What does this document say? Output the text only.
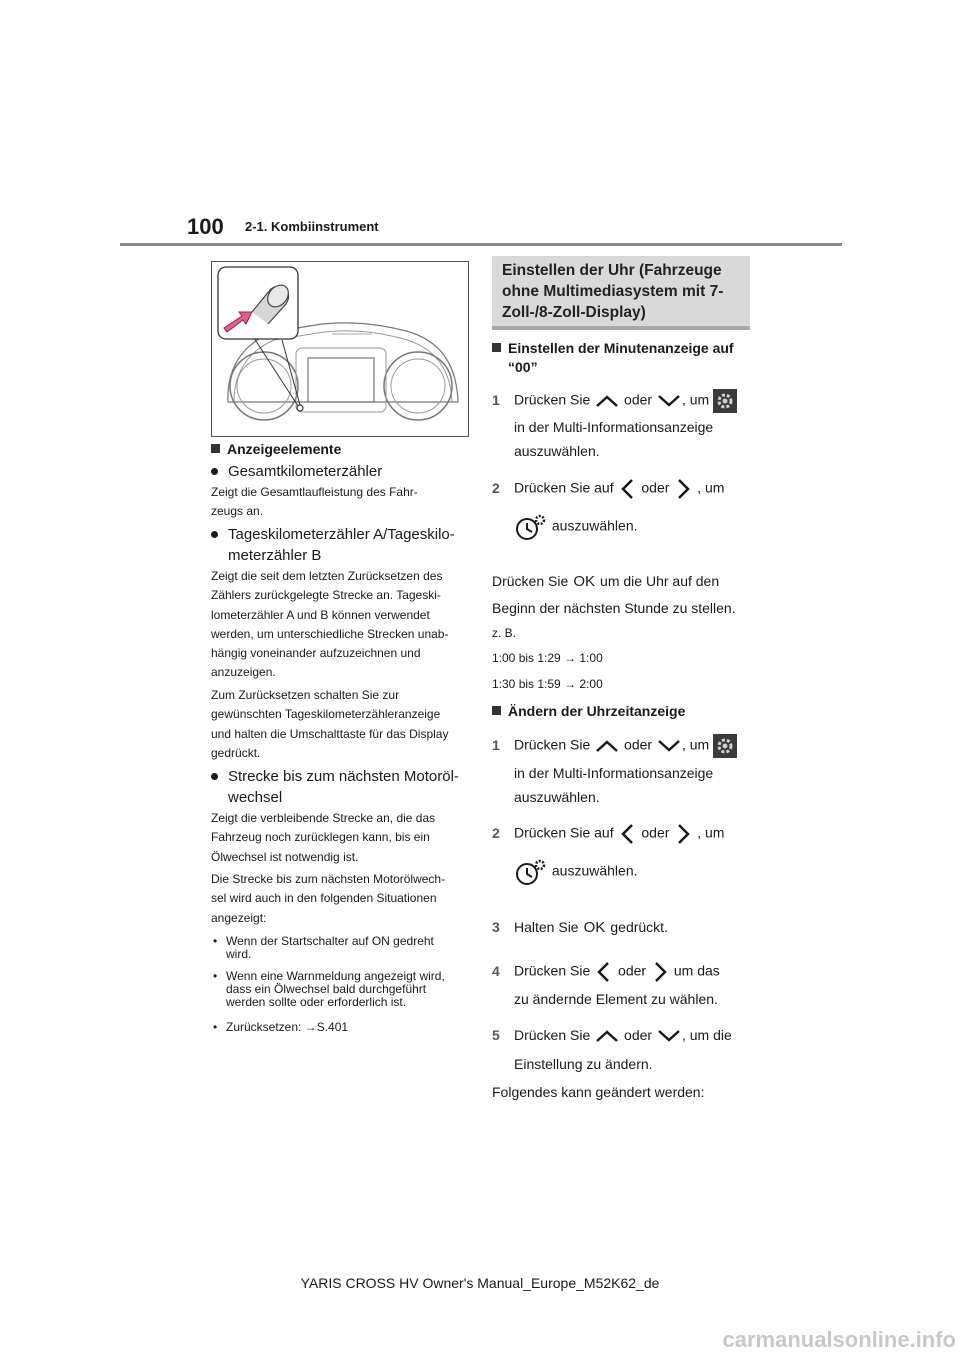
100 2-1. Kombiinstrument
Anzeigeelemente
Gesamtkilometerzähler
Zeigt die Gesamtlaufleistung des Fahr-
zeugs an.
Tageskilometerzähler A/Tageskilo-
meterzähler B
Zeigt die seit dem letzten Zurücksetzen des
Zählers zurückgelegte Strecke an. Tageski-
lometerzähler A und B können verwendet
werden, um unterschiedliche Strecken unab-
hängig voneinander aufzuzeichnen und
anzuzeigen.
Zum Zurücksetzen schalten Sie zur
gewünschten Tageskilometerzähleranzeige
und halten die Umschalttaste für das Display
gedrückt.
Strecke bis zum nächsten Motoröl-
wechsel
Zeigt die verbleibende Strecke an, die das
Fahrzeug noch zurücklegen kann, bis ein
Ölwechsel ist notwendig ist.
Die Strecke bis zum nächsten Motorölwech-
sel wird auch in den folgenden Situationen
angezeigt:
• Wenn der Startschalter auf ON gedreht
wird.
• Wenn eine Warnmeldung angezeigt wird,
dass ein Ölwechsel bald durchgeführt
werden sollte oder erforderlich ist.
• Zurücksetzen: →S.401
Einstellen der Uhr (Fahrzeuge
ohne Multimediasystem mit 7-
Zoll-/8-Zoll-Display)
Einstellen der Minutenanzeige auf
“00”
1 Drücken Sie oder , um
in der Multi-Informationsanzeige
auszuwählen.
2 Drücken Sie auf oder , um
auszuwählen.
Drücken Sie OK um die Uhr auf den
Beginn der nächsten Stunde zu stellen.
z. B.
1:00 bis 1:29 → 1:00
1:30 bis 1:59 → 2:00
Ändern der Uhrzeitanzeige
1 Drücken Sie oder , um
in der Multi-Informationsanzeige
auszuwählen.
2 Drücken Sie auf oder , um
auszuwählen.
3 Halten Sie OK gedrückt.
4 Drücken Sie oder um das
zu ändernde Element zu wählen.
5 Drücken Sie oder , um die
Einstellung zu ändern.
Folgendes kann geändert werden:
YARIS CROSS HV Owner's Manual_Europe_M52K62_de
carmanualsonline.info
